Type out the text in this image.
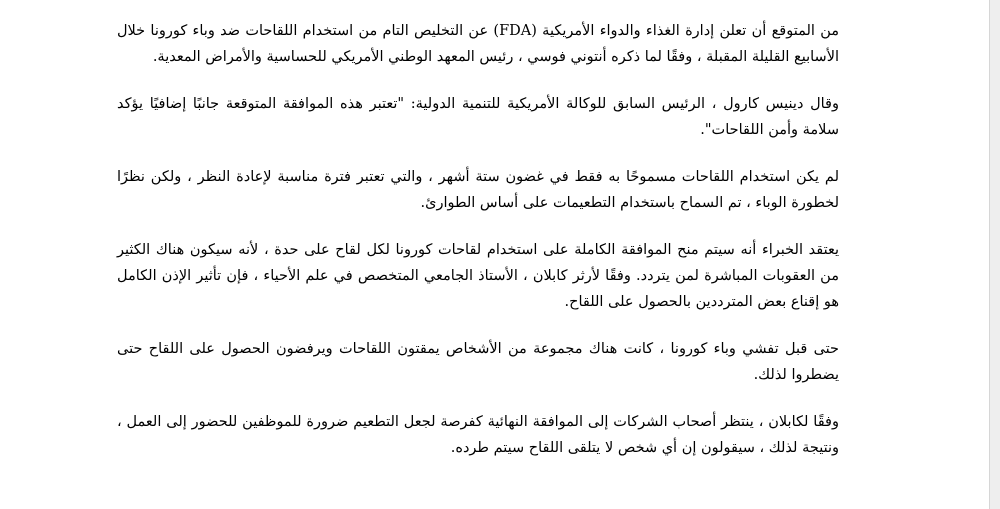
من المتوقع أن تعلن إدارة الغذاء والدواء الأمريكية (FDA) عن التخليص التام من استخدام اللقاحات ضد وباء كورونا خلال الأسابيع القليلة المقبلة ، وفقًا لما ذكره أنتوني فوسي ، رئيس المعهد الوطني الأمريكي للحساسية والأمراض المعدية.

وقال دينيس كارول ، الرئيس السابق للوكالة الأمريكية للتنمية الدولية: "تعتبر هذه الموافقة المتوقعة جانبًا إضافيًا يؤكد سلامة وأمن اللقاحات".

لم يكن استخدام اللقاحات مسموحًا به فقط في غضون ستة أشهر ، والتي تعتبر فترة مناسبة لإعادة النظر ، ولكن نظرًا لخطورة الوباء ، تم السماح باستخدام التطعيمات على أساس الطوارئ.

يعتقد الخبراء أنه سيتم منح الموافقة الكاملة على استخدام لقاحات كورونا لكل لقاح على حدة ، لأنه سيكون هناك الكثير من العقوبات المباشرة لمن يتردد. وفقًا لأرثر كابلان ، الأستاذ الجامعي المتخصص في علم الأحياء ، فإن تأثير الإذن الكامل هو إقناع بعض المترددين بالحصول على اللقاح.

حتى قبل تفشي وباء كورونا ، كانت هناك مجموعة من الأشخاص يمقتون اللقاحات ويرفضون الحصول على اللقاح حتى يضطروا لذلك.

وفقًا لكابلان ، ينتظر أصحاب الشركات إلى الموافقة النهائية كفرصة لجعل التطعيم ضرورة للموظفين للحضور إلى العمل ، ونتيجة لذلك ، سيقولون إن أي شخص لا يتلقى اللقاح سيتم طرده.
